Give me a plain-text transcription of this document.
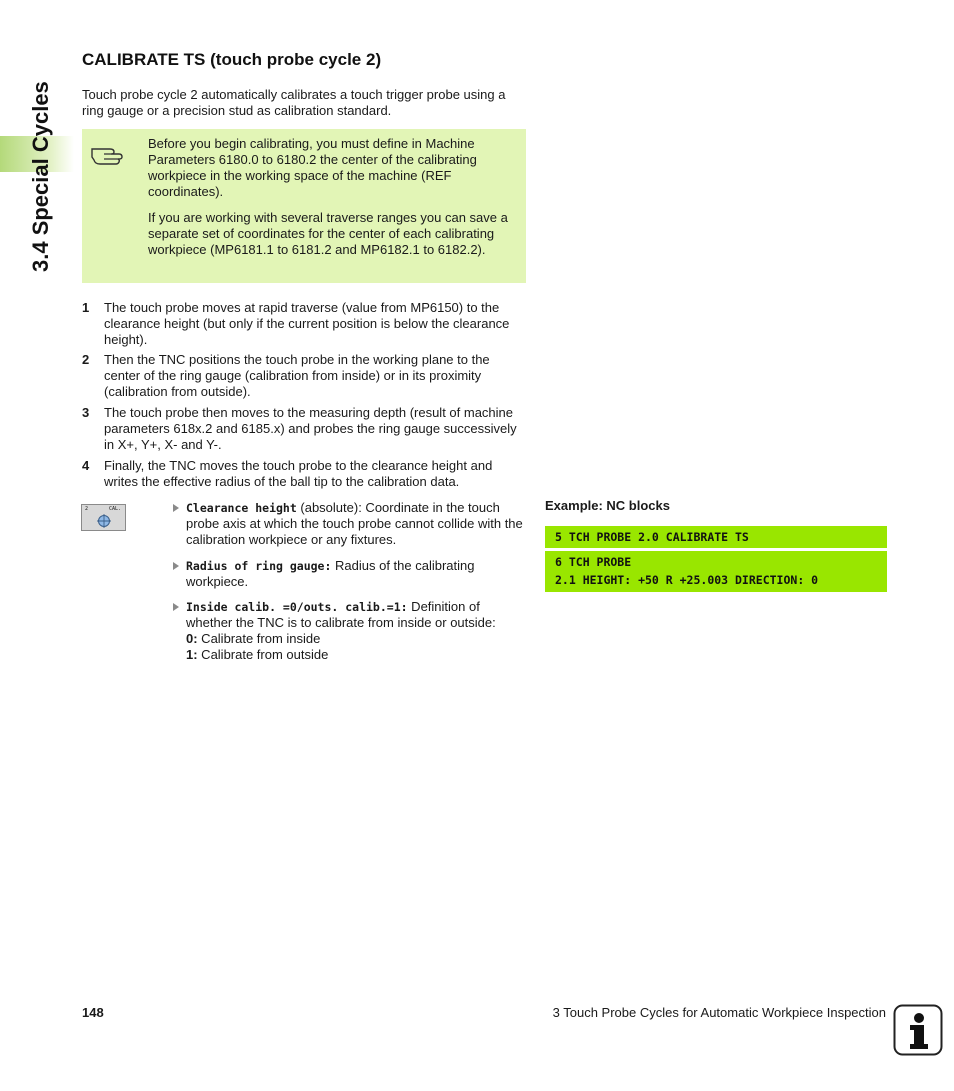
3.4 Special Cycles
CALIBRATE TS (touch probe cycle 2)

Touch probe cycle 2 automatically calibrates a touch trigger probe using a ring gauge or a precision stud as calibration standard.

Before you begin calibrating, you must define in Machine Parameters 6180.0 to 6180.2 the center of the calibrating workpiece in the working space of the machine (REF coordinates).

If you are working with several traverse ranges you can save a separate set of coordinates for the center of each calibrating workpiece (MP6181.1 to 6181.2 and MP6182.1 to 6182.2).

1 The touch probe moves at rapid traverse (value from MP6150) to the clearance height (but only if the current position is below the clearance height).
2 Then the TNC positions the touch probe in the working plane to the center of the ring gauge (calibration from inside) or in its proximity (calibration from outside).
3 The touch probe then moves to the measuring depth (result of machine parameters 618x.2 and 6185.x) and probes the ring gauge successively in X+, Y+, X- and Y-.
4 Finally, the TNC moves the touch probe to the clearance height and writes the effective radius of the ball tip to the calibration data.
2	CAL.	Clearance height (absolute): Coordinate in the touch probe axis at which the touch probe cannot collide with the calibration workpiece or any fixtures.
Radius of ring gauge: Radius of the calibrating workpiece.
Inside calib. =0/outs. calib.=1: Definition of whether the TNC is to calibrate from inside or outside:
0: Calibrate from inside
1: Calibrate from outside
Example: NC blocks
5 TCH PROBE 2.0 CALIBRATE TS
6 TCH PROBE
2.1 HEIGHT: +50 R +25.003 DIRECTION: 0
148	3 Touch Probe Cycles for Automatic Workpiece Inspection
